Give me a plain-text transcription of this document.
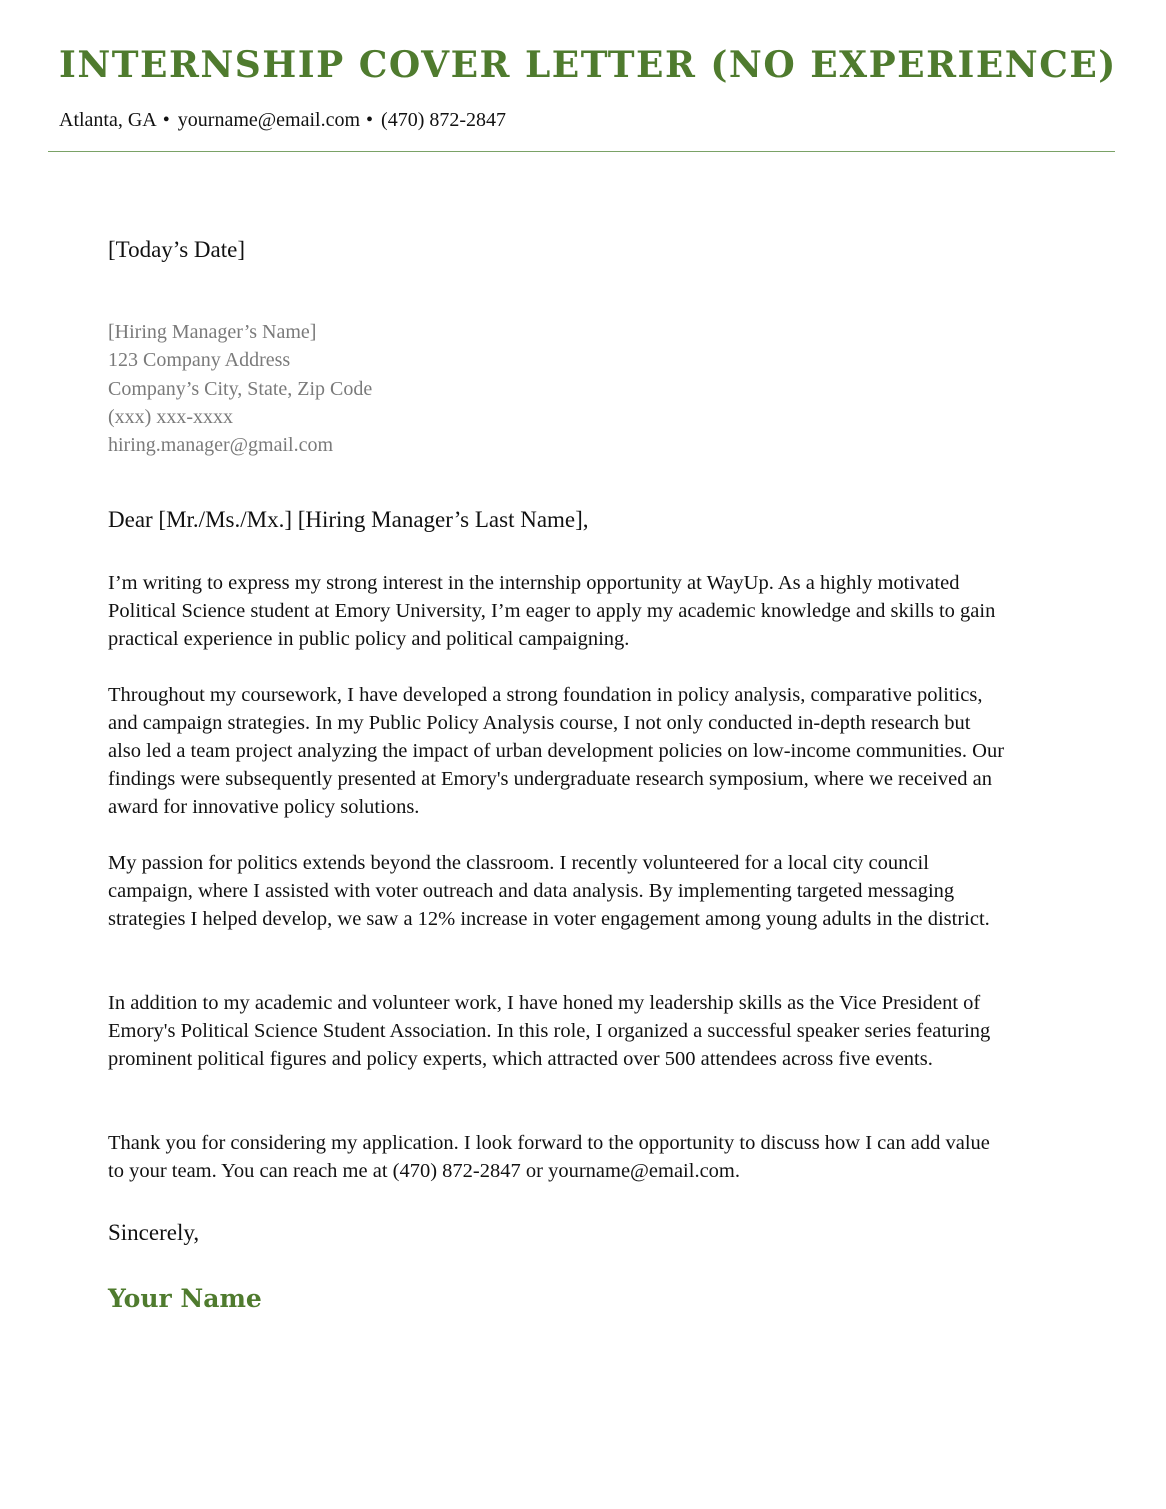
INTERNSHIP COVER LETTER (NO EXPERIENCE)
Atlanta, GA • yourname@email.com • (470) 872-2847
[Today’s Date]
[Hiring Manager’s Name]
123 Company Address
Company’s City, State, Zip Code
(xxx) xxx-xxxx
hiring.manager@gmail.com
Dear [Mr./Ms./Mx.] [Hiring Manager’s Last Name],

I’m writing to express my strong interest in the internship opportunity at WayUp. As a highly motivated Political Science student at Emory University, I’m eager to apply my academic knowledge and skills to gain practical experience in public policy and political campaigning.

Throughout my coursework, I have developed a strong foundation in policy analysis, comparative politics, and campaign strategies. In my Public Policy Analysis course, I not only conducted in-depth research but also led a team project analyzing the impact of urban development policies on low-income communities. Our findings were subsequently presented at Emory's undergraduate research symposium, where we received an award for innovative policy solutions.

My passion for politics extends beyond the classroom. I recently volunteered for a local city council campaign, where I assisted with voter outreach and data analysis. By implementing targeted messaging strategies I helped develop, we saw a 12% increase in voter engagement among young adults in the district.

In addition to my academic and volunteer work, I have honed my leadership skills as the Vice President of Emory's Political Science Student Association. In this role, I organized a successful speaker series featuring prominent political figures and policy experts, which attracted over 500 attendees across five events.

Thank you for considering my application. I look forward to the opportunity to discuss how I can add value to your team. You can reach me at (470) 872-2847 or yourname@email.com.

Sincerely,
Your Name
